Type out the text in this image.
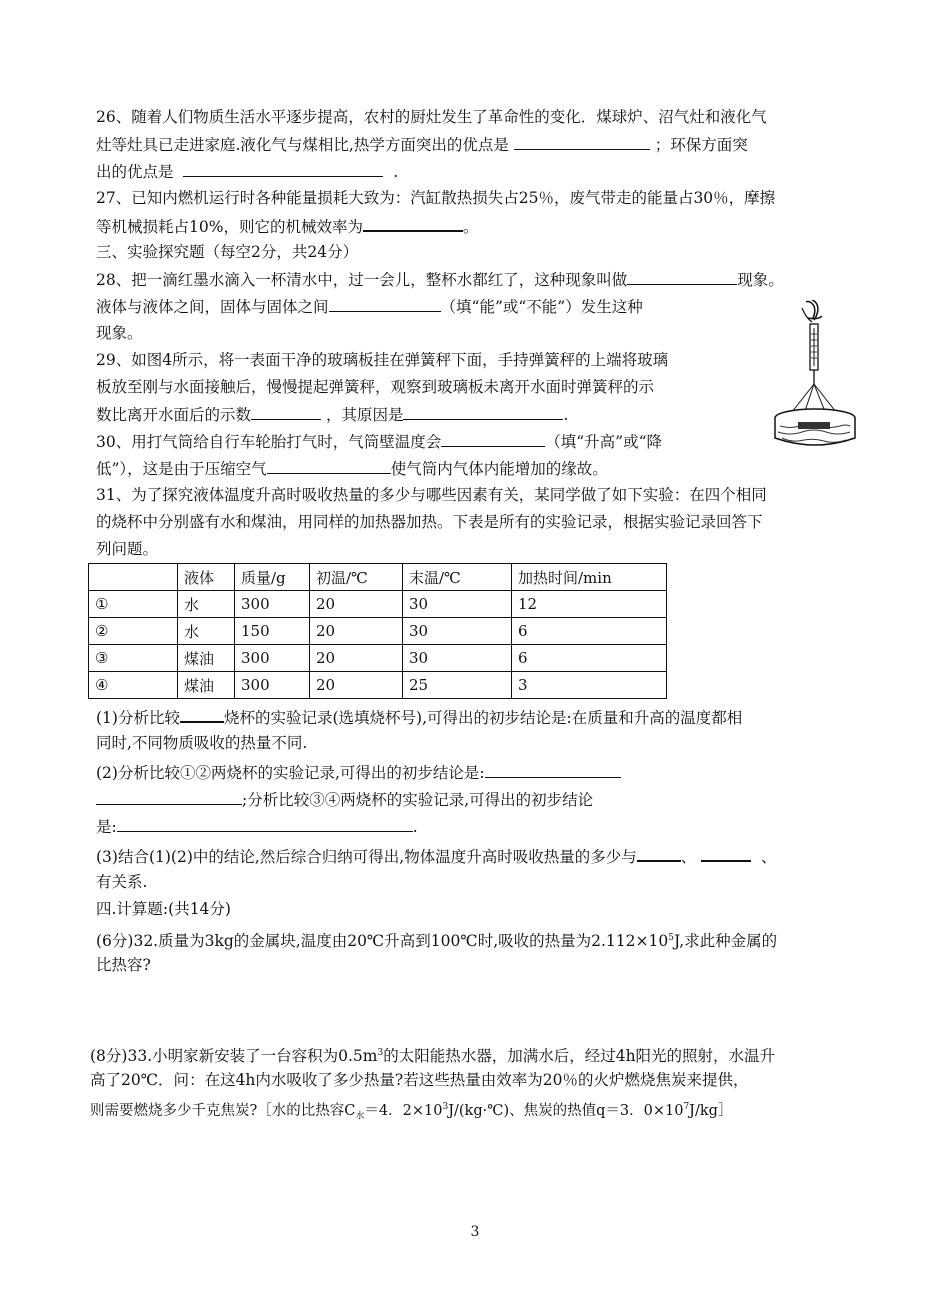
26、随着人们物质生活水平逐步提高，农村的厨灶发生了革命性的变化．煤球炉、沼气灶和液化气
灶等灶具已走进家庭.液化气与煤相比,热学方面突出的优点是	；环保方面突
出的优点是	.
27、已知内燃机运行时各种能量损耗大致为：汽缸散热损失占25％，废气带走的能量占30％，摩擦
等机械损耗占10%，则它的机械效率为	。
三、实验探究题（每空2分，共24分）
28、把一滴红墨水滴入一杯清水中，过一会儿，整杯水都红了，这种现象叫做	现象。
液体与液体之间，固体与固体之间	（填“能”或“不能”）发生这种
现象。
29、如图4所示，将一表面干净的玻璃板挂在弹簧秤下面，手持弹簧秤的上端将玻璃
板放至刚与水面接触后，慢慢提起弹簧秤，观察到玻璃板未离开水面时弹簧秤的示
数比离开水面后的示数	，其原因是	.
30、用打气筒给自行车轮胎打气时，气筒壁温度会	（填“升高”或“降
低”），这是由于压缩空气	使气筒内气体内能增加的缘故。
31、为了探究液体温度升高时吸收热量的多少与哪些因素有关，某同学做了如下实验：在四个相同
的烧杯中分别盛有水和煤油，用同样的加热器加热。下表是所有的实验记录，根据实验记录回答下
列问题。
	液体	质量/g	初温/℃	末温/℃	加热时间/min
①	水	300	20	30	12
②	水	150	20	30	6
③	煤油	300	20	30	6
④	煤油	300	20	25	3
(1)分析比较	烧杯的实验记录(选填烧杯号),可得出的初步结论是:在质量和升高的温度都相
同时,不同物质吸收的热量不同.
(2)分析比较①②两烧杯的实验记录,可得出的初步结论是:
;分析比较③④两烧杯的实验记录,可得出的初步结论
是:	.
(3)结合(1)(2)中的结论,然后综合归纳可得出,物体温度升高时吸收热量的多少与	、	、
有关系.
四.计算题:(共14分)
(6分)32.质量为3kg的金属块,温度由20℃升高到100℃时,吸收的热量为$2.112\times 10^5J$,求此种金属的
比热容?
(8分)33.小明家新安装了一台容积为$0.5m^3$的太阳能热水器，加满水后，经过4h阳光的照射，水温升
高了20℃．问：在这4h内水吸收了多少热量?若这些热量由效率为20％的火炉燃烧焦炭来提供，
则需要燃烧多少千克焦炭?［水的比热容$C_水=4$．$2\times 10^3J/(kg\cdot℃)$、焦炭的热值q＝3．$0\times 10^7J/kg]$
3
